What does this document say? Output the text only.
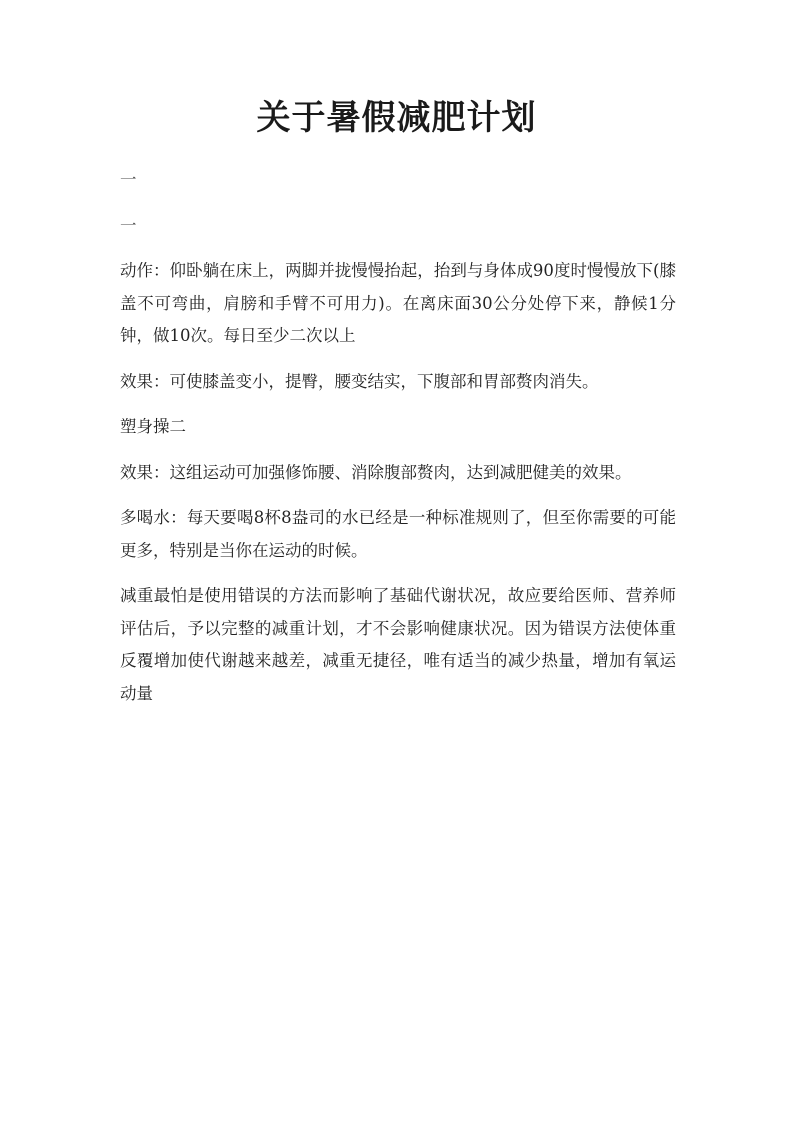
关于暑假减肥计划

一

一

动作：仰卧躺在床上，两脚并拢慢慢抬起，抬到与身体成90度时慢慢放下(膝盖不可弯曲，肩膀和手臂不可用力)。在离床面30公分处停下来，静候1分钟，做10次。每日至少二次以上

效果：可使膝盖变小，提臀，腰变结实，下腹部和胃部赘肉消失。

塑身操二

效果：这组运动可加强修饰腰、消除腹部赘肉，达到减肥健美的效果。

多喝水：每天要喝8杯8盎司的水已经是一种标准规则了，但至你需要的可能更多，特别是当你在运动的时候。

减重最怕是使用错误的方法而影响了基础代谢状况，故应要给医师、营养师评估后，予以完整的减重计划，才不会影响健康状况。因为错误方法使体重反覆增加使代谢越来越差，减重无捷径，唯有适当的减少热量，增加有氧运动量
